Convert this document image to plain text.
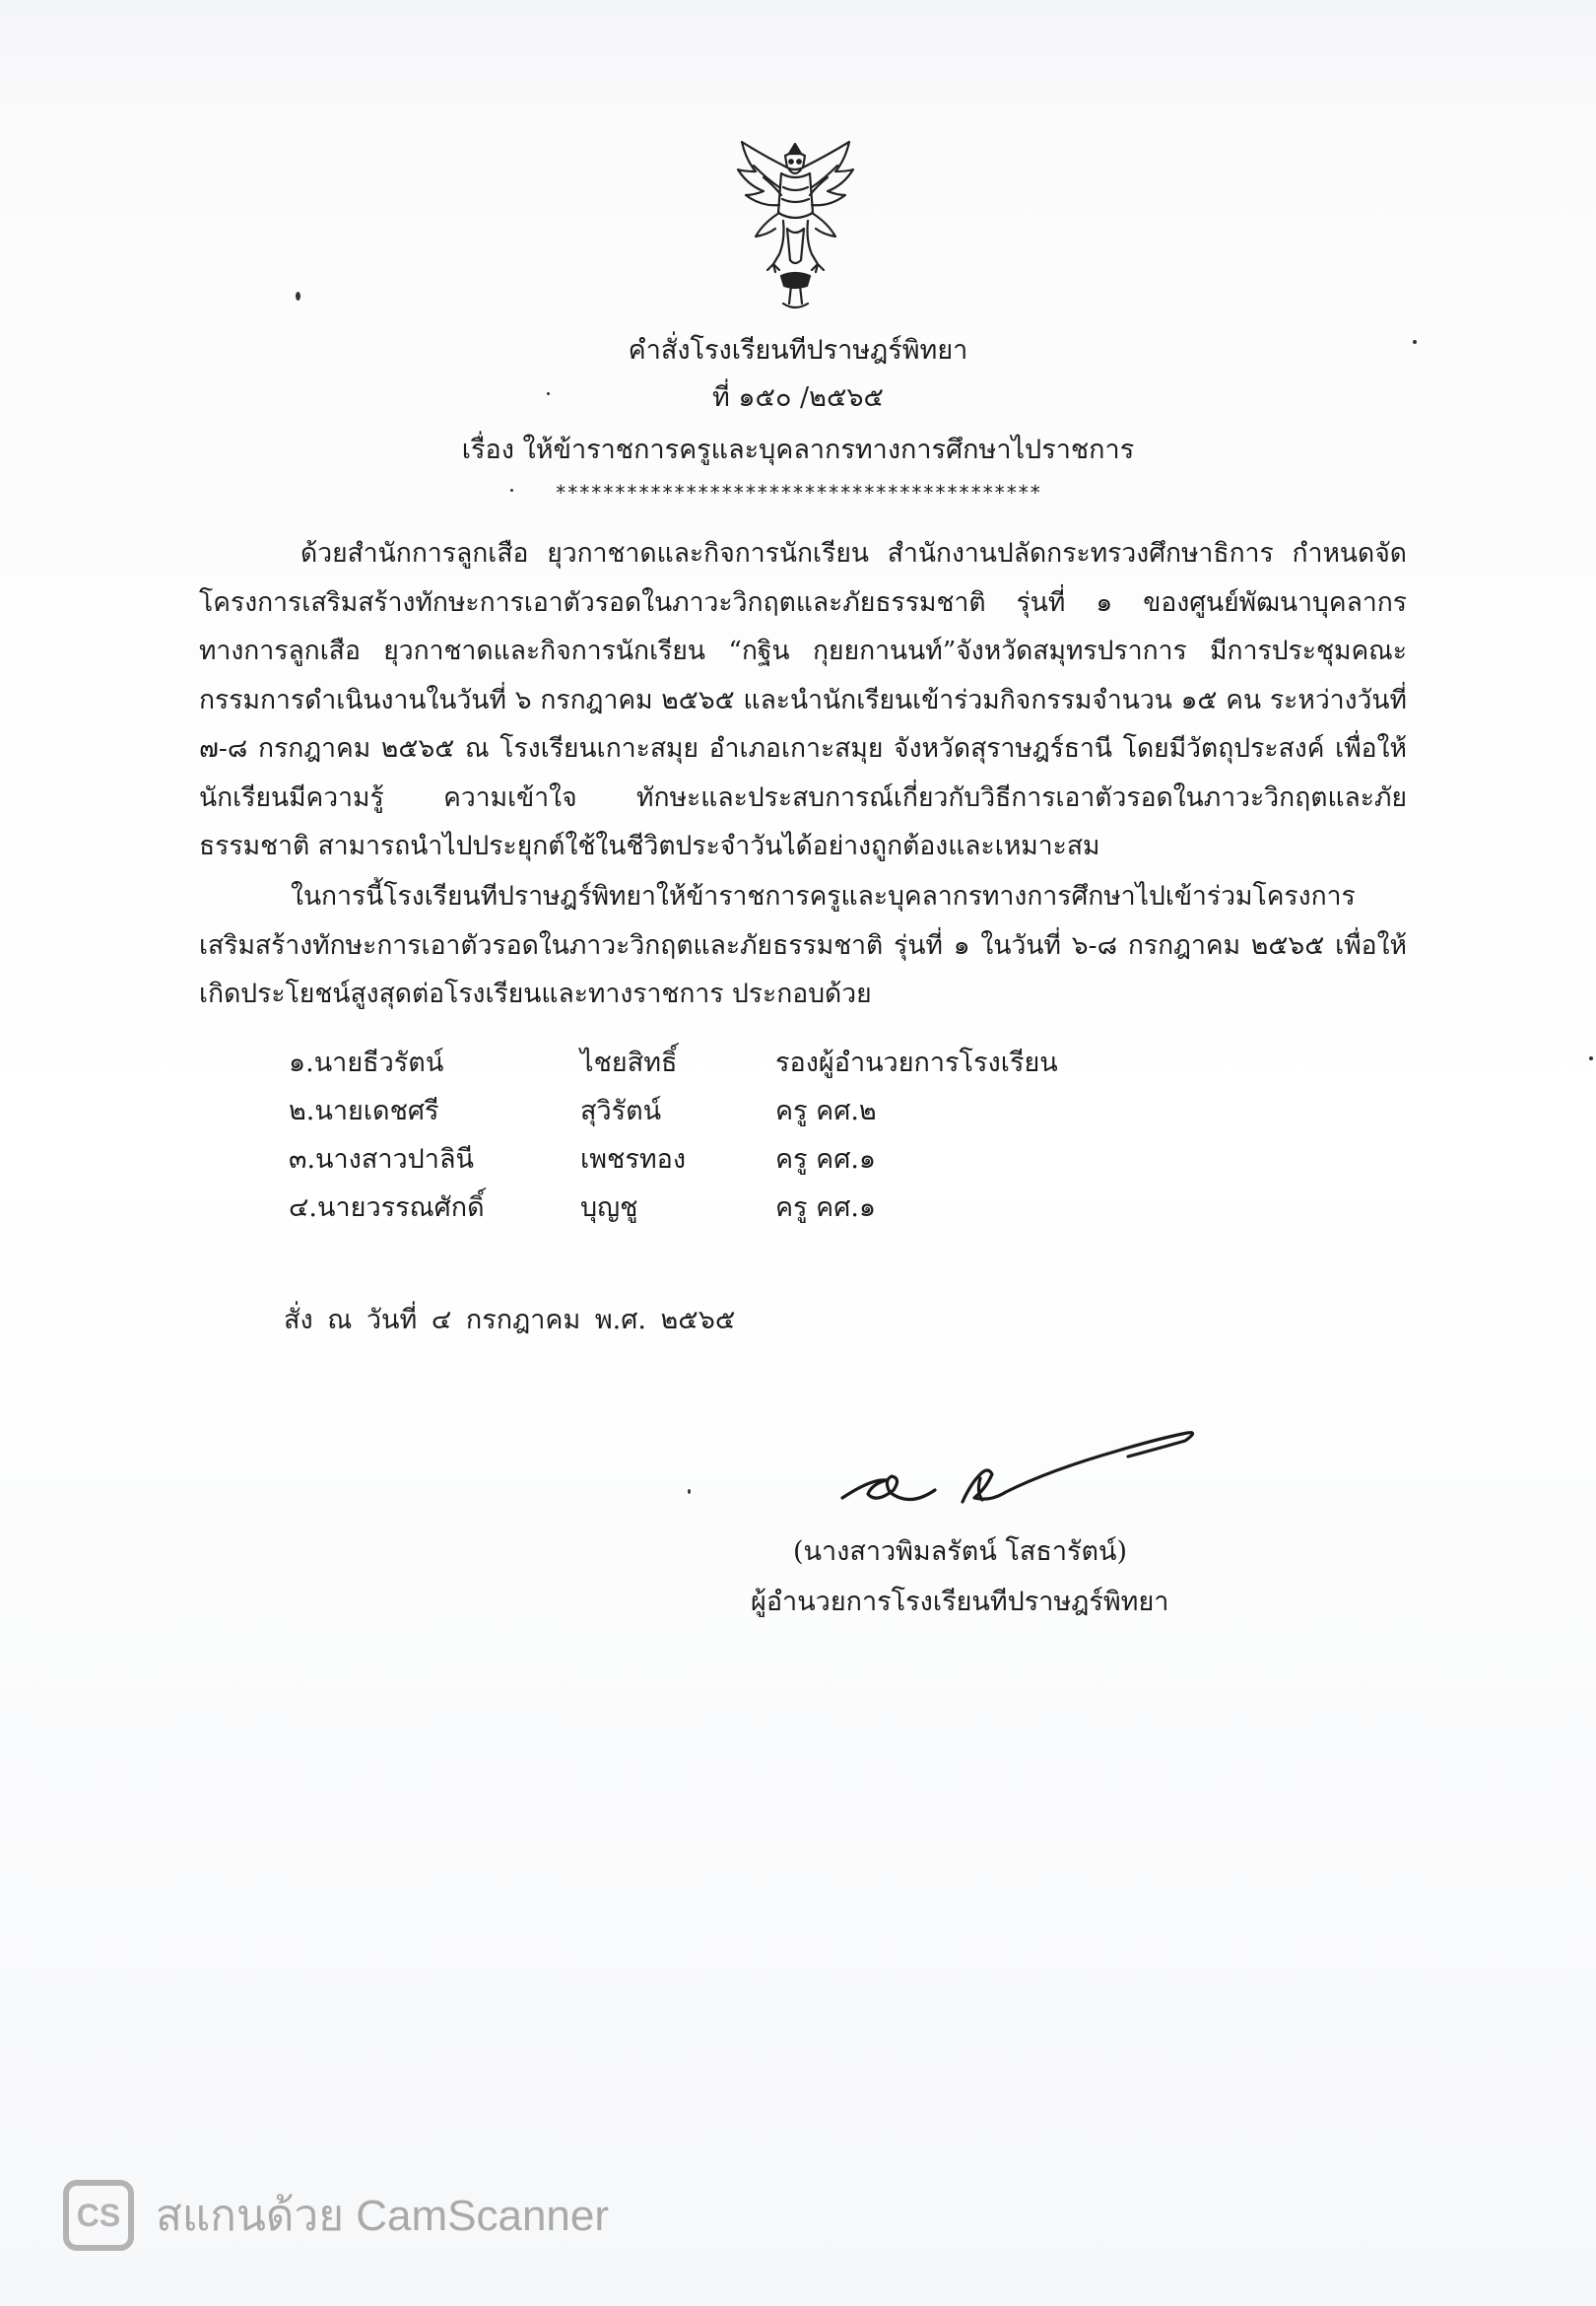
คำสั่งโรงเรียนทีปราษฎร์พิทยา
ที่ ๑๕๐ /๒๕๖๕
เรื่อง ให้ข้าราชการครูและบุคลากรทางการศึกษาไปราชการ
*****************************************
ด้วยสำนักการลูกเสือ ยุวกาชาดและกิจการนักเรียน สำนักงานปลัดกระทรวงศึกษาธิการ กำหนดจัดโครงการเสริมสร้างทักษะการเอาตัวรอดในภาวะวิกฤตและภัยธรรมชาติ รุ่นที่ ๑ ของศูนย์พัฒนาบุคลากรทางการลูกเสือ ยุวกาชาดและกิจการนักเรียน “กฐิน กุยยกานนท์”จังหวัดสมุทรปราการ มีการประชุมคณะกรรมการดำเนินงานในวันที่ ๖ กรกฎาคม ๒๕๖๕ และนำนักเรียนเข้าร่วมกิจกรรมจำนวน ๑๕ คน ระหว่างวันที่ ๗-๘ กรกฎาคม ๒๕๖๕ ณ โรงเรียนเกาะสมุย อำเภอเกาะสมุย จังหวัดสุราษฎร์ธานี โดยมีวัตถุประสงค์ เพื่อให้นักเรียนมีความรู้ ความเข้าใจ ทักษะและประสบการณ์เกี่ยวกับวิธีการเอาตัวรอดในภาวะวิกฤตและภัยธรรมชาติ สามารถนำไปประยุกต์ใช้ในชีวิตประจำวันได้อย่างถูกต้องและเหมาะสม
ในการนี้โรงเรียนทีปราษฎร์พิทยาให้ข้าราชการครูและบุคลากรทางการศึกษาไปเข้าร่วมโครงการเสริมสร้างทักษะการเอาตัวรอดในภาวะวิกฤตและภัยธรรมชาติ รุ่นที่ ๑ ในวันที่ ๖-๘ กรกฎาคม ๒๕๖๕ เพื่อให้เกิดประโยชน์สูงสุดต่อโรงเรียนและทางราชการ ประกอบด้วย
๑.นายธีวรัตน์	ไชยสิทธิ์	รองผู้อำนวยการโรงเรียน
๒.นายเดชศรี	สุวิรัตน์	ครู คศ.๒
๓.นางสาวปาลินี	เพชรทอง	ครู คศ.๑
๔.นายวรรณศักดิ์	บุญชู	ครู คศ.๑
สั่ง ณ วันที่ ๔ กรกฎาคม พ.ศ. ๒๕๖๕
(นางสาวพิมลรัตน์ โสธารัตน์)
ผู้อำนวยการโรงเรียนทีปราษฎร์พิทยา
CS สแกนด้วย CamScanner
